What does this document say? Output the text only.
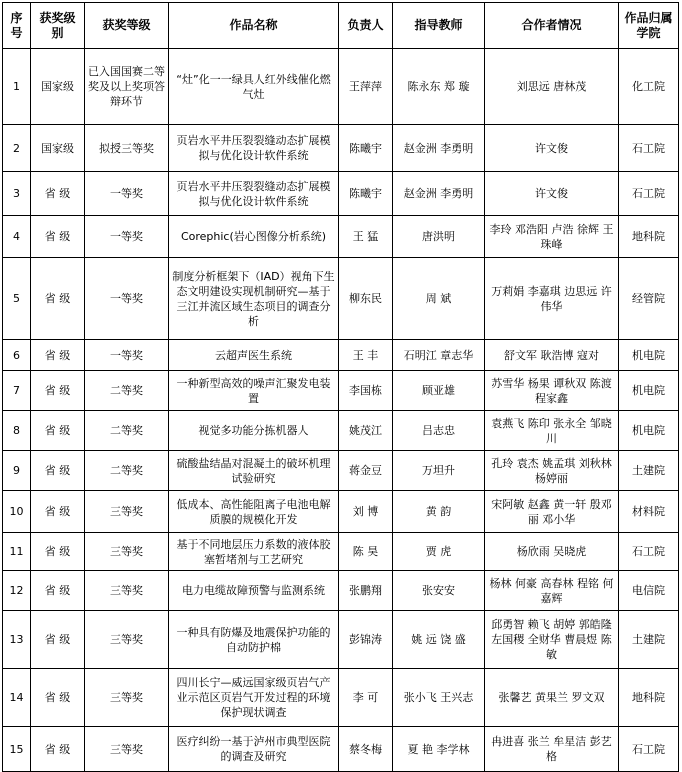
序号	获奖级别	获奖等级	作品名称	负责人	指导教师	合作者情况	作品归属学院
1	国家级	已入国国赛二等奖及以上奖项答辩环节	“灶”化一一绿具人红外线催化燃气灶	王萍萍	陈永东 郑 璇	刘思远 唐林茂	化工院
2	国家级	拟授三等奖	页岩水平井压裂裂缝动态扩展模拟与优化设计软件系统	陈曦宇	赵金洲 李勇明	许文俊	石工院
3	省 级	一等奖	页岩水平井压裂裂缝动态扩展模拟与优化设计软件系统	陈曦宇	赵金洲 李勇明	许文俊	石工院
4	省 级	一等奖	Corephic(岩心图像分析系统)	王 猛	唐洪明	李玲 邓浩阳 卢浩 徐辉 王珠峰	地科院
5	省 级	一等奖	制度分析框架下（IAD）视角下生态文明建设实现机制研究—基于三江并流区域生态项目的调查分析	柳东民	周 斌	万莉娟 李嘉琪 边思远 许伟华	经管院
6	省 级	一等奖	云超声医生系统	王 丰	石明江 章志华	舒文军 耿浩博 寇对	机电院
7	省 级	二等奖	一种新型高效的噪声汇聚发电装置	李国栋	顾亚雄	苏雪华 杨果 谭秋双 陈渡 程家鑫	机电院
8	省 级	二等奖	视觉多功能分拣机器人	姚茂江	吕志忠	袁燕飞 陈印 张永全 邹晓川	机电院
9	省 级	二等奖	硫酸盐结晶对混凝土的破坏机理试验研究	蒋金豆	万坦升	孔玲 袁杰 姚孟琪 刘秋林 杨婷丽	土建院
10	省 级	三等奖	低成本、高性能阻离子电池电解质膜的规模化开发	刘 博	黄 韵	宋阿敏 赵鑫 黄一轩 殷邓丽 邓小华	材料院
11	省 级	三等奖	基于不同地层压力系数的液体胶塞暂堵剂与工艺研究	陈 昊	贾 虎	杨欣雨 吴晓虎	石工院
12	省 级	三等奖	电力电缆故障预警与监测系统	张鹏翔	张安安	杨林 何豪 高春林 程铭 何嘉辉	电信院
13	省 级	三等奖	一种具有防爆及地震保护功能的自动防护棉	彭锦涛	姚 远 饶 盛	邱勇智 赖飞 胡婷 郭皓隆 左国稷 全财华 曹晨煜 陈敏	土建院
14	省 级	三等奖	四川长宁—威远国家级页岩气产业示范区页岩气开发过程的环境保护现状调查	李 可	张小飞 王兴志	张馨艺 黄果兰 罗文双	地科院
15	省 级	三等奖	医疗纠纷一基于泸州市典型医院的调查及研究	蔡冬梅	夏 艳 李学林	冉进喜 张兰 牟星洁 彭艺格	石工院
